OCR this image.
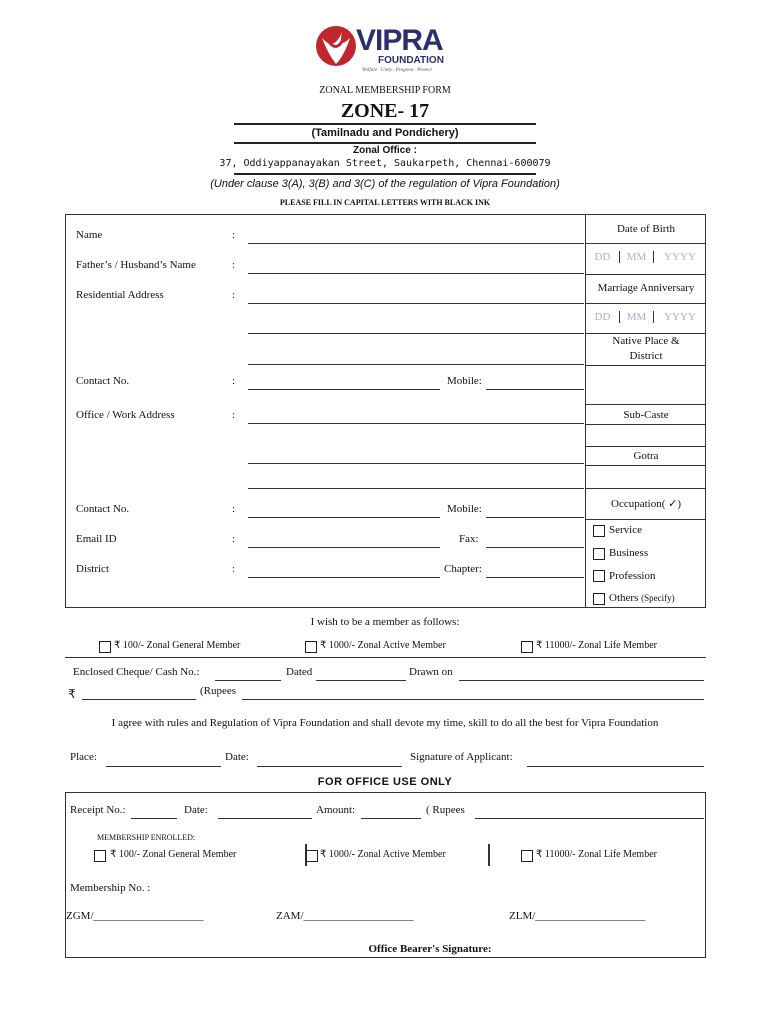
VIPRA
FOUNDATION
Welfare · Unity · Progress · Protect
ZONAL MEMBERSHIP FORM
ZONE- 17
(Tamilnadu and Pondichery)
Zonal Office :
37, Oddiyappanayakan Street, Saukarpeth, Chennai-600079
(Under clause 3(A), 3(B) and 3(C) of the regulation of Vipra Foundation)
PLEASE FILL IN CAPITAL LETTERS WITH BLACK INK
Name	:
Father’s / Husband’s Name	:
Residential Address	:
Contact No.	:	Mobile:
Office / Work Address	:
Contact No.	:	Mobile:
Email ID	:	Fax:
District	:	Chapter:
Date of Birth
DD	MM	YYYY
Marriage Anniversary
DD	MM	YYYY
Native Place &
District
Sub-Caste
Gotra
Occupation( ✓)
Service
Business
Profession
Others (Specify)
I wish to be a member as follows:
₹ 100/- Zonal General Member	₹ 1000/- Zonal Active Member	₹ 11000/- Zonal Life Member
Enclosed Cheque/ Cash No.:	Dated	Drawn on
₹	(Rupees
I agree with rules and Regulation of Vipra Foundation and shall devote my time, skill to do all the best for Vipra Foundation
Place:	Date:	Signature of Applicant:
FOR OFFICE USE ONLY
Receipt No.:	Date:	Amount:	( Rupees
MEMBERSHIP ENROLLED:
₹ 100/- Zonal General Member	₹ 1000/- Zonal Active Member	₹ 11000/- Zonal Life Member
Membership No. :
ZGM/____________________	ZAM/____________________	ZLM/____________________
Office Bearer's Signature:
